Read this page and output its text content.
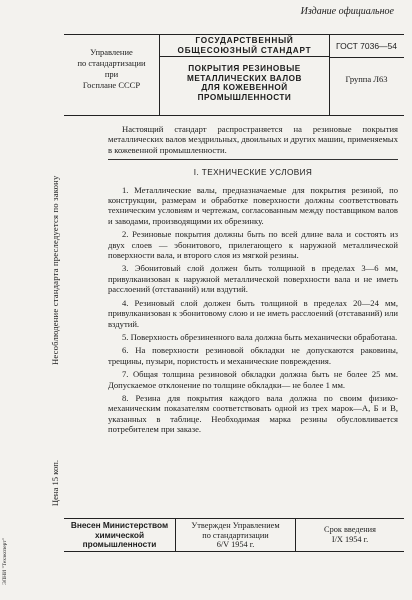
Издание официальное
Несоблюдение стандарта преследуется по закону
Цена 15 коп.
ЭЛНИ "Техэксперт"
Управление
по стандартизации
при
Госплане СССР
ГОСУДАРСТВЕННЫЙ
ОБЩЕСОЮЗНЫЙ СТАНДАРТ
ПОКРЫТИЯ РЕЗИНОВЫЕ
МЕТАЛЛИЧЕСКИХ ВАЛОВ
ДЛЯ КОЖЕВЕННОЙ
ПРОМЫШЛЕННОСТИ
ГОСТ 7036—54
Группа Л63

Настоящий стандарт распространяется на резиновые покрытия металлических валов мездрильных, двоильных и других машин, применяемых в кожевенной промышленности.

I. ТЕХНИЧЕСКИЕ УСЛОВИЯ

1. Металлические валы, предназначаемые для покрытия резиной, по конструкции, размерам и обработке поверхности должны соответствовать техническим условиям и чертежам, согласованным между поставщиком валов и заводами, производящими их обрезинку.

2. Резиновые покрытия должны быть по всей длине вала и состоять из двух слоев — эбонитового, прилегающего к наружной металлической поверхности вала, и второго слоя из мягкой резины.

3. Эбонитовый слой должен быть толщиной в пределах 3—6 мм, привулканизован к наружной металлической поверхности вала и не иметь расслоений (отставаний) или вздутий.

4. Резиновый слой должен быть толщиной в пределах 20—24 мм, привулканизован к эбонитовому слою и не иметь расслоений (отставаний) или вздутий.

5. Поверхность обрезиненного вала должна быть механически обработана.

6. На поверхности резиновой обкладки не допускаются раковины, трещины, пузыри, пористость и механические повреждения.

7. Общая толщина резиновой обкладки должна быть не более 25 мм. Допускаемое отклонение по толщине обкладки— не более 1 мм.

8. Резина для покрытия каждого вала должна по своим физико-механическим показателям соответствовать одной из трех марок—А, Б и В, указанных в таблице. Необходимая марка резины обусловливается потребителем при заказе.

Внесен Министерством
химической
промышленности
Утвержден Управлением
по стандартизации
6/V 1954 г.
Срок введения
I/X 1954 г.
